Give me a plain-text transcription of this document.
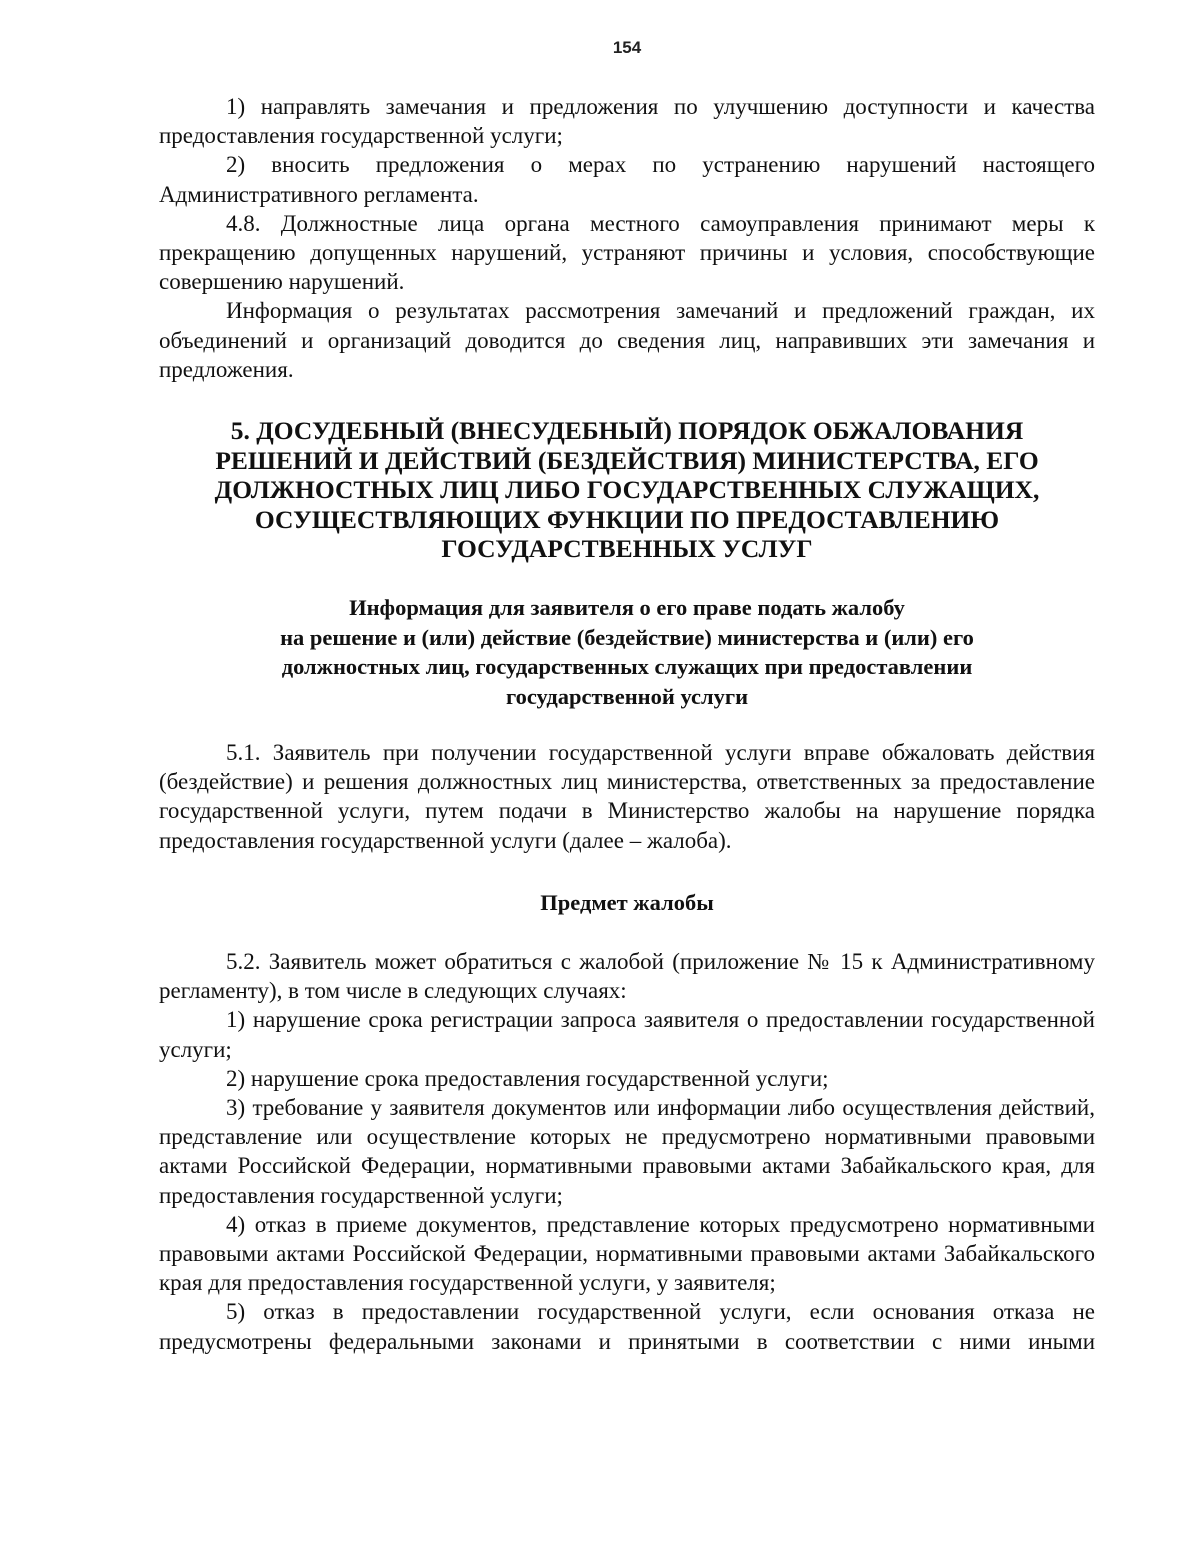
154

1) направлять замечания и предложения по улучшению доступности и качества предоставления государственной услуги;

2) вносить предложения о мерах по устранению нарушений настоящего Административного регламента.

4.8. Должностные лица органа местного самоуправления принимают меры к прекращению допущенных нарушений, устраняют причины и условия, способствующие совершению нарушений.

Информация о результатах рассмотрения замечаний и предложений граждан, их объединений и организаций доводится до сведения лиц, направивших эти замечания и предложения.

5. ДОСУДЕБНЫЙ (ВНЕСУДЕБНЫЙ) ПОРЯДОК ОБЖАЛОВАНИЯ
РЕШЕНИЙ И ДЕЙСТВИЙ (БЕЗДЕЙСТВИЯ) МИНИСТЕРСТВА, ЕГО
ДОЛЖНОСТНЫХ ЛИЦ ЛИБО ГОСУДАРСТВЕННЫХ СЛУЖАЩИХ,
ОСУЩЕСТВЛЯЮЩИХ ФУНКЦИИ ПО ПРЕДОСТАВЛЕНИЮ
ГОСУДАРСТВЕННЫХ УСЛУГ
Информация для заявителя о его праве подать жалобу
на решение и (или) действие (бездействие) министерства и (или) его
должностных лиц, государственных служащих при предоставлении
государственной услуги

5.1. Заявитель при получении государственной услуги вправе обжаловать действия (бездействие) и решения должностных лиц министерства, ответственных за предоставление государственной услуги, путем подачи в Министерство жалобы на нарушение порядка предоставления государственной услуги (далее – жалоба).

Предмет жалобы

5.2. Заявитель может обратиться с жалобой (приложение № 15 к Административному регламенту), в том числе в следующих случаях:

1) нарушение срока регистрации запроса заявителя о предоставлении государственной услуги;

2) нарушение срока предоставления государственной услуги;

3) требование у заявителя документов или информации либо осуществления действий, представление или осуществление которых не предусмотрено нормативными правовыми актами Российской Федерации, нормативными правовыми актами Забайкальского края, для предоставления государственной услуги;

4) отказ в приеме документов, представление которых предусмотрено нормативными правовыми актами Российской Федерации, нормативными правовыми актами Забайкальского края для предоставления государственной услуги, у заявителя;

5) отказ в предоставлении государственной услуги, если основания отказа не предусмотрены федеральными законами и принятыми в соответствии с ними иными
